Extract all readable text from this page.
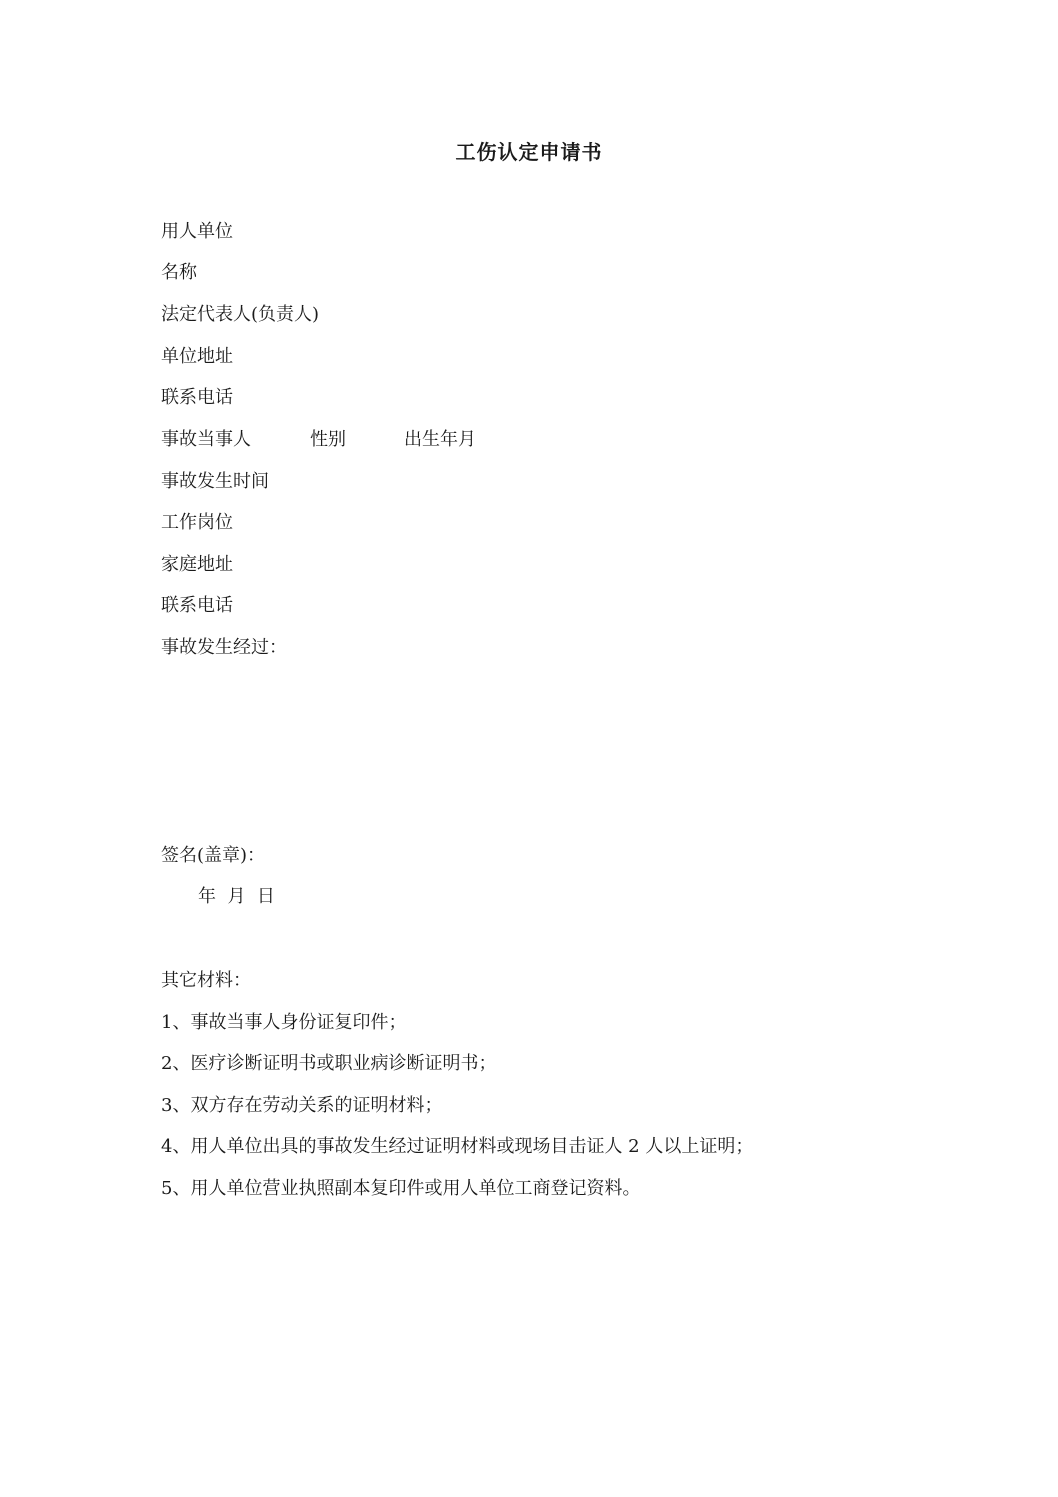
工伤认定申请书
用人单位
名称
法定代表人(负责人)
单位地址
联系电话
事故当事人	性别	出生年月
事故发生时间
工作岗位
家庭地址
联系电话
事故发生经过：
签名(盖章)：
年  月  日
其它材料：
1、事故当事人身份证复印件；
2、医疗诊断证明书或职业病诊断证明书；
3、双方存在劳动关系的证明材料；
4、用人单位出具的事故发生经过证明材料或现场目击证人 2 人以上证明；
5、用人单位营业执照副本复印件或用人单位工商登记资料。
